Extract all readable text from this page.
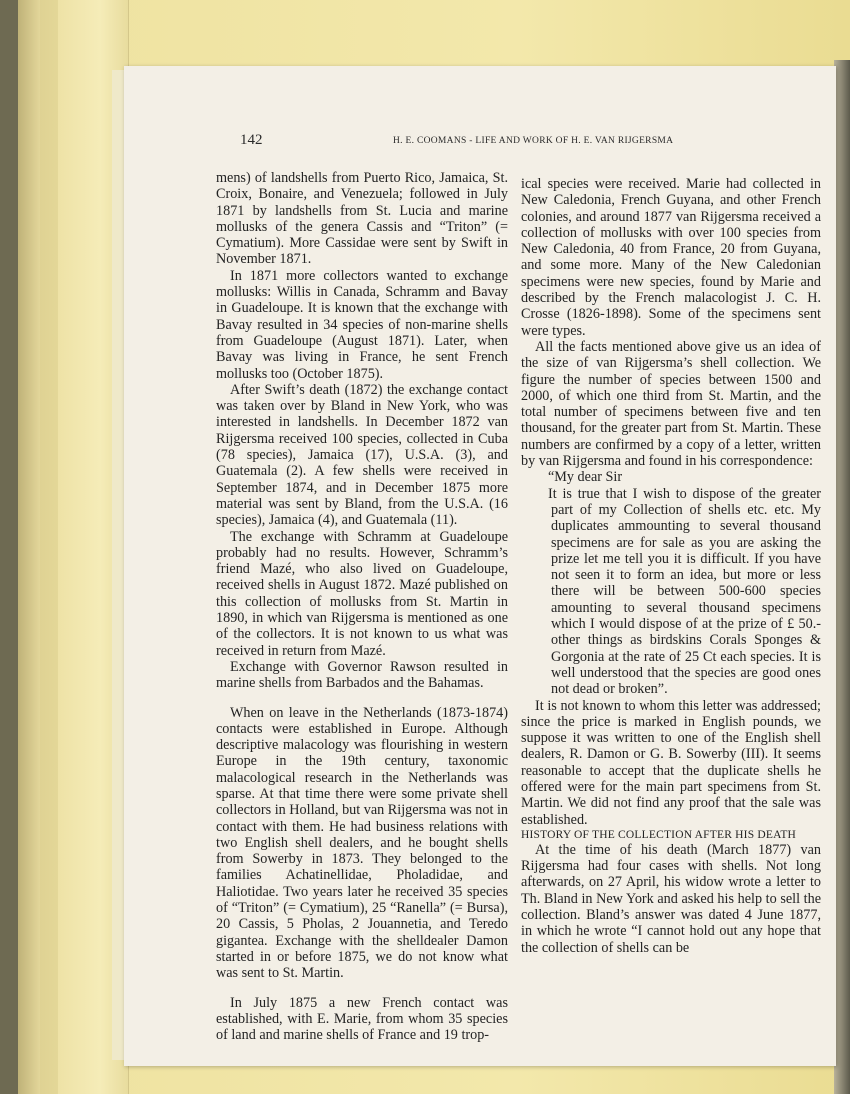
142	H. E. COOMANS - LIFE AND WORK OF H. E. VAN RIJGERSMA

mens) of landshells from Puerto Rico, Jamaica, St. Croix, Bonaire, and Venezuela; followed in July 1871 by landshells from St. Lucia and marine mollusks of the genera Cassis and “Triton” (= Cymatium). More Cassidae were sent by Swift in November 1871.

In 1871 more collectors wanted to exchange mollusks: Willis in Canada, Schramm and Bavay in Guadeloupe. It is known that the exchange with Bavay resulted in 34 species of non-marine shells from Guadeloupe (August 1871). Later, when Bavay was living in France, he sent French mollusks too (October 1875).

After Swift’s death (1872) the exchange contact was taken over by Bland in New York, who was interested in landshells. In December 1872 van Rijgersma received 100 species, collected in Cuba (78 species), Jamaica (17), U.S.A. (3), and Guatemala (2). A few shells were received in September 1874, and in December 1875 more material was sent by Bland, from the U.S.A. (16 species), Jamaica (4), and Guatemala (11).

The exchange with Schramm at Guadeloupe probably had no results. However, Schramm’s friend Mazé, who also lived on Guadeloupe, received shells in August 1872. Mazé published on this collection of mollusks from St. Martin in 1890, in which van Rijgersma is mentioned as one of the collectors. It is not known to us what was received in return from Mazé.

Exchange with Governor Rawson resulted in marine shells from Barbados and the Bahamas.

When on leave in the Netherlands (1873-1874) contacts were established in Europe. Although descriptive malacology was flourishing in western Europe in the 19th century, taxonomic malacological research in the Netherlands was sparse. At that time there were some private shell collectors in Holland, but van Rijgersma was not in contact with them. He had business relations with two English shell dealers, and he bought shells from Sowerby in 1873. They belonged to the families Achatinellidae, Pholadidae, and Haliotidae. Two years later he received 35 species of “Triton” (= Cymatium), 25 “Ranella” (= Bursa), 20 Cassis, 5 Pholas, 2 Jouannetia, and Teredo gigantea. Exchange with the shelldealer Damon started in or before 1875, we do not know what was sent to St. Martin.

In July 1875 a new French contact was established, with E. Marie, from whom 35 species of land and marine shells of France and 19 trop-

ical species were received. Marie had collected in New Caledonia, French Guyana, and other French colonies, and around 1877 van Rijgersma received a collection of mollusks with over 100 species from New Caledonia, 40 from France, 20 from Guyana, and some more. Many of the New Caledonian specimens were new species, found by Marie and described by the French malacologist J. C. H. Crosse (1826-1898). Some of the specimens sent were types.

All the facts mentioned above give us an idea of the size of van Rijgersma’s shell collection. We figure the number of species between 1500 and 2000, of which one third from St. Martin, and the total number of specimens between five and ten thousand, for the greater part from St. Martin. These numbers are confirmed by a copy of a letter, written by van Rijgersma and found in his correspondence:

“My dear Sir

It is true that I wish to dispose of the greater part of my Collection of shells etc. etc. My duplicates ammounting to several thousand specimens are for sale as you are asking the prize let me tell you it is difficult. If you have not seen it to form an idea, but more or less there will be between 500-600 species amounting to several thousand specimens which I would dispose of at the prize of £ 50.- other things as birdskins Corals Sponges & Gorgonia at the rate of 25 Ct each species. It is well understood that the species are good ones not dead or broken”.

It is not known to whom this letter was addressed; since the price is marked in English pounds, we suppose it was written to one of the English shell dealers, R. Damon or G. B. Sowerby (III). It seems reasonable to accept that the duplicate shells he offered were for the main part specimens from St. Martin. We did not find any proof that the sale was established.

HISTORY OF THE COLLECTION AFTER HIS DEATH

At the time of his death (March 1877) van Rijgersma had four cases with shells. Not long afterwards, on 27 April, his widow wrote a letter to Th. Bland in New York and asked his help to sell the collection. Bland’s answer was dated 4 June 1877, in which he wrote “I cannot hold out any hope that the collection of shells can be
